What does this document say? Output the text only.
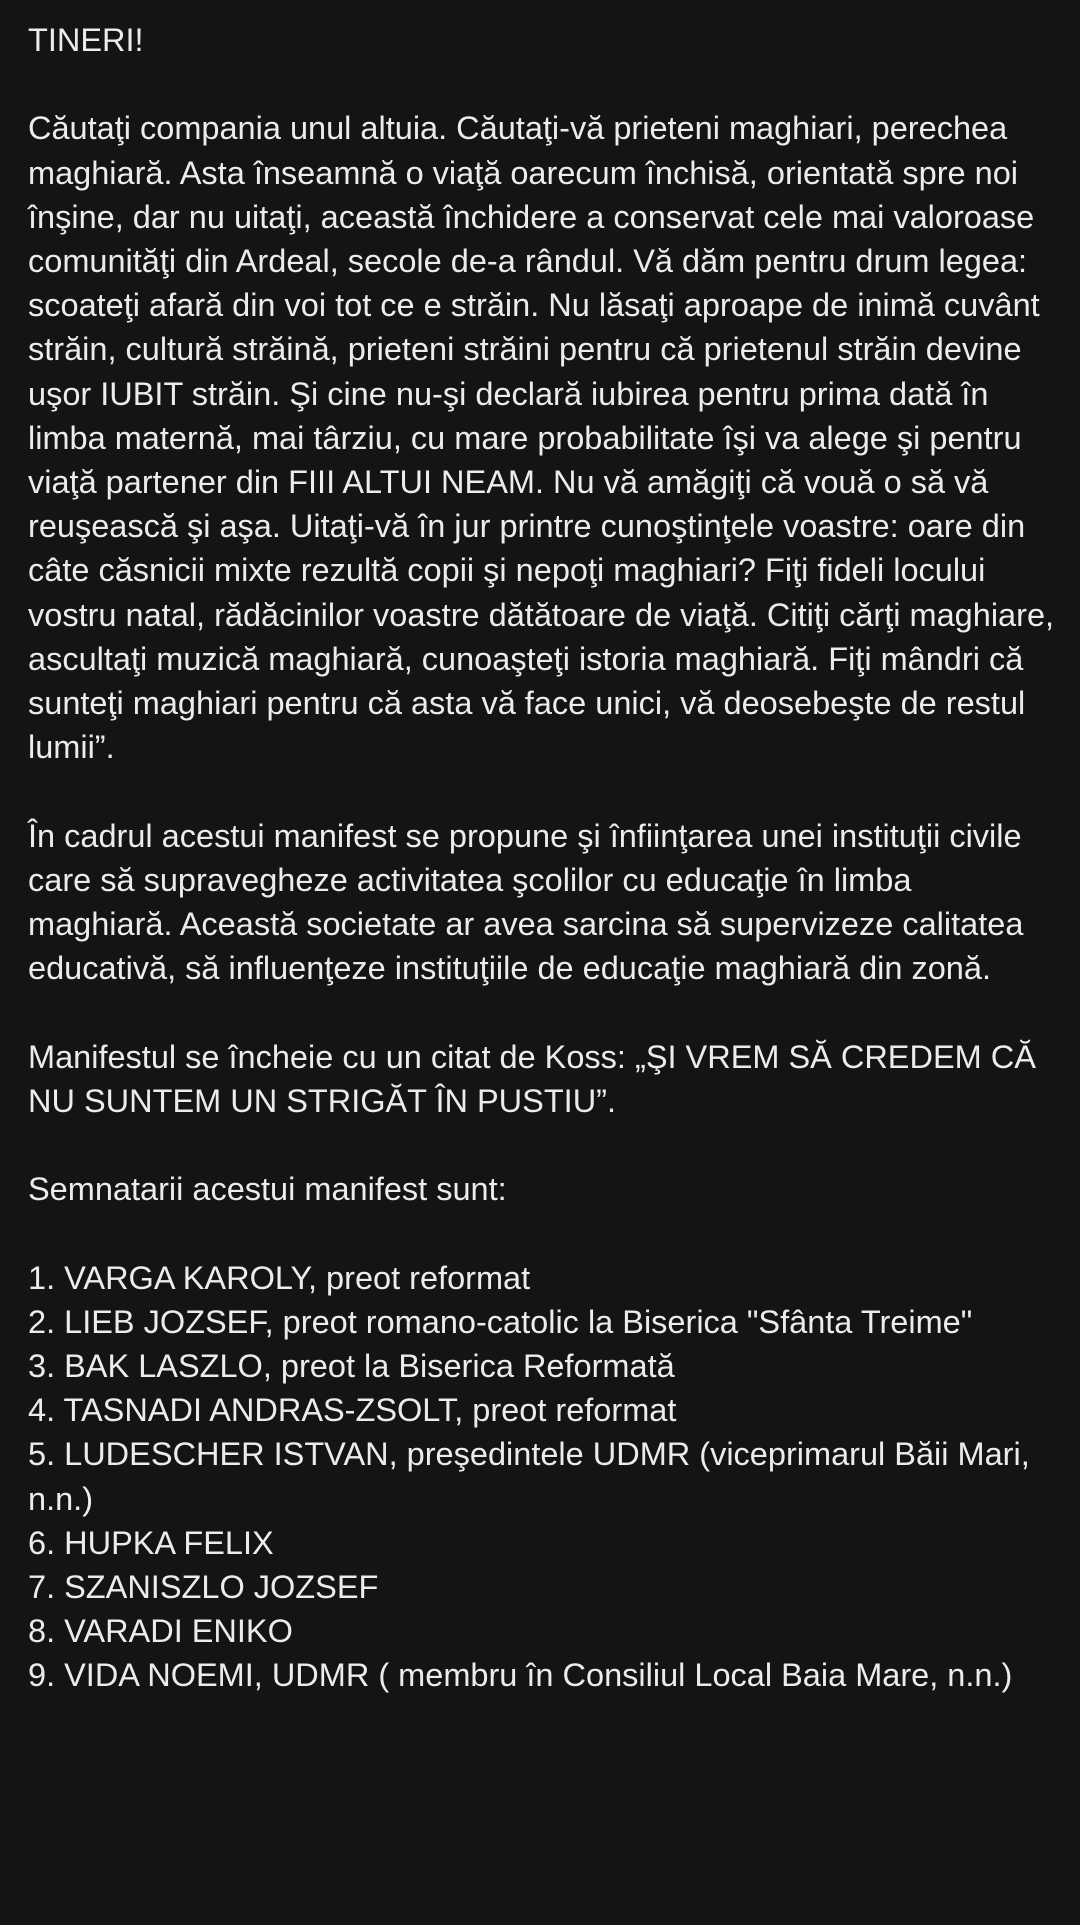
TINERI!
Căutaţi compania unul altuia. Căutaţi-vă prieteni maghiari, perechea maghiară. Asta înseamnă o viaţă oarecum închisă, orientată spre noi înşine, dar nu uitaţi, această închidere a conservat cele mai valoroase comunităţi din Ardeal, secole de-a rândul. Vă dăm pentru drum legea: scoateţi afară din voi tot ce e străin. Nu lăsaţi aproape de inimă cuvânt străin, cultură străină, prieteni străini pentru că prietenul străin devine uşor IUBIT străin. Şi cine nu-şi declară iubirea pentru prima dată în limba maternă, mai târziu, cu mare probabilitate îşi va alege şi pentru viaţă partener din FIII ALTUI NEAM. Nu vă amăgiţi că vouă o să vă reuşească şi aşa. Uitaţi-vă în jur printre cunoştinţele voastre: oare din câte căsnicii mixte rezultă copii şi nepoţi maghiari? Fiţi fideli locului vostru natal, rădăcinilor voastre dătătoare de viaţă. Citiţi cărţi maghiare, ascultaţi muzică maghiară, cunoaşteţi istoria maghiară. Fiţi mândri că sunteţi maghiari pentru că asta vă face unici, vă deosebeşte de restul lumii”.
În cadrul acestui manifest se propune şi înfiinţarea unei instituţii civile care să supravegheze activitatea şcolilor cu educaţie în limba maghiară. Această societate ar avea sarcina să supervizeze calitatea educativă, să influenţeze instituţiile de educaţie maghiară din zonă.
Manifestul se încheie cu un citat de Koss: „ŞI VREM SĂ CREDEM CĂ NU SUNTEM UN STRIGĂT ÎN PUSTIU”.
Semnatarii acestui manifest sunt:
1. VARGA KAROLY, preot reformat
2. LIEB JOZSEF, preot romano-catolic la Biserica "Sfânta Treime"
3. BAK LASZLO, preot la Biserica Reformată
4. TASNADI ANDRAS-ZSOLT, preot reformat
5. LUDESCHER ISTVAN, preşedintele UDMR (viceprimarul Băii Mari, n.n.)
6. HUPKA FELIX
7. SZANISZLO JOZSEF
8. VARADI ENIKO
9. VIDA NOEMI, UDMR ( membru în Consiliul Local Baia Mare, n.n.)
